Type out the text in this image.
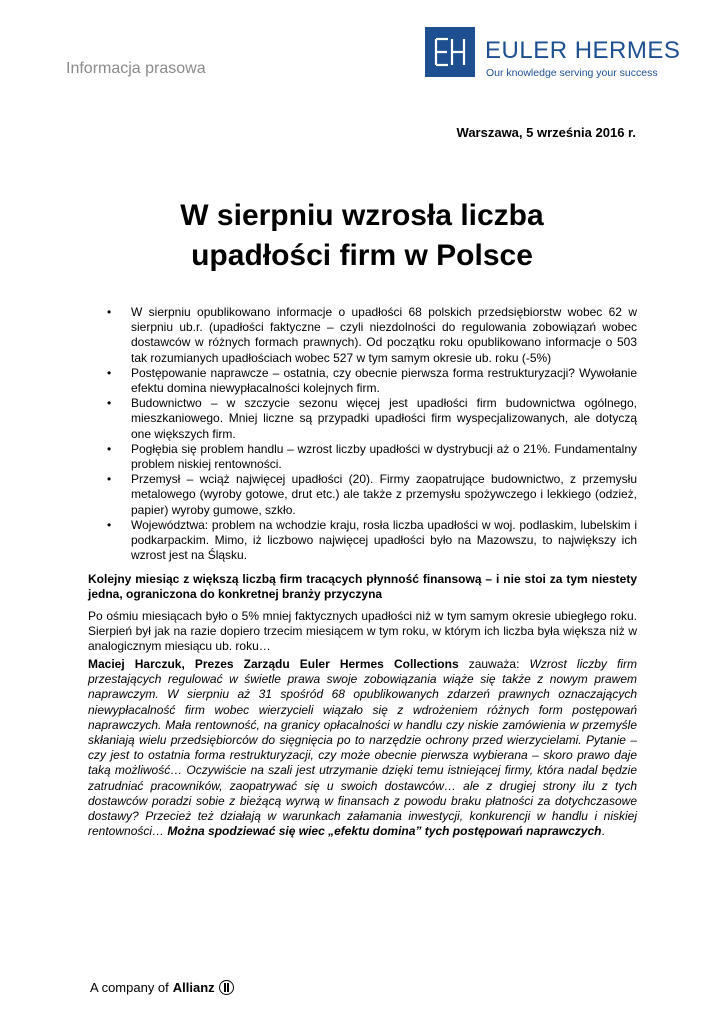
Informacja prasowa
EULER HERMES
Our knowledge serving your success
Warszawa, 5 września 2016 r.
W sierpniu wzrosła liczba
upadłości firm w Polsce
• W sierpniu opublikowano informacje o upadłości 68 polskich przedsiębiorstw wobec 62 w sierpniu ub.r. (upadłości faktyczne – czyli niezdolności do regulowania zobowiązań wobec dostawców w różnych formach prawnych). Od początku roku opublikowano informacje o 503 tak rozumianych upadłościach wobec 527 w tym samym okresie ub. roku (-5%)
• Postępowanie naprawcze – ostatnia, czy obecnie pierwsza forma restrukturyzacji? Wywołanie efektu domina niewypłacalności kolejnych firm.
• Budownictwo – w szczycie sezonu więcej jest upadłości firm budownictwa ogólnego, mieszkaniowego. Mniej liczne są przypadki upadłości firm wyspecjalizowanych, ale dotyczą one większych firm.
• Pogłębia się problem handlu – wzrost liczby upadłości w dystrybucji aż o 21%. Fundamentalny problem niskiej rentowności.
• Przemysł – wciąż najwięcej upadłości (20). Firmy zaopatrujące budownictwo, z przemysłu metalowego (wyroby gotowe, drut etc.) ale także z przemysłu spożywczego i lekkiego (odzież, papier) wyroby gumowe, szkło.
• Województwa: problem na wchodzie kraju, rosła liczba upadłości w woj. podlaskim, lubelskim i podkarpackim. Mimo, iż liczbowo najwięcej upadłości było na Mazowszu, to największy ich wzrost jest na Śląsku.
Kolejny miesiąc z większą liczbą firm tracących płynność finansową – i nie stoi za tym niestety jedna, ograniczona do konkretnej branży przyczyna
Po ośmiu miesiącach było o 5% mniej faktycznych upadłości niż w tym samym okresie ubiegłego roku. Sierpień był jak na razie dopiero trzecim miesiącem w tym roku, w którym ich liczba była większa niż w analogicznym miesiącu ub. roku…
Maciej Harczuk, Prezes Zarządu Euler Hermes Collections zauważa: Wzrost liczby firm przestających regulować w świetle prawa swoje zobowiązania wiąże się także z nowym prawem naprawczym. W sierpniu aż 31 spośród 68 opublikowanych zdarzeń prawnych oznaczających niewypłacalność firm wobec wierzycieli wiązało się z wdrożeniem różnych form postępowań naprawczych. Mała rentowność, na granicy opłacalności w handlu czy niskie zamówienia w przemyśle skłaniają wielu przedsiębiorców do sięgnięcia po to narzędzie ochrony przed wierzycielami. Pytanie – czy jest to ostatnia forma restrukturyzacji, czy może obecnie pierwsza wybierana – skoro prawo daje taką możliwość… Oczywiście na szali jest utrzymanie dzięki temu istniejącej firmy, która nadal będzie zatrudniać pracowników, zaopatrywać się u swoich dostawców… ale z drugiej strony ilu z tych dostawców poradzi sobie z bieżącą wyrwą w finansach z powodu braku płatności za dotychczasowe dostawy? Przecież też działają w warunkach załamania inwestycji, konkurencji w handlu i niskiej rentowności… Można spodziewać się wiec „efektu domina” tych postępowań naprawczych.
A company of Allianz
